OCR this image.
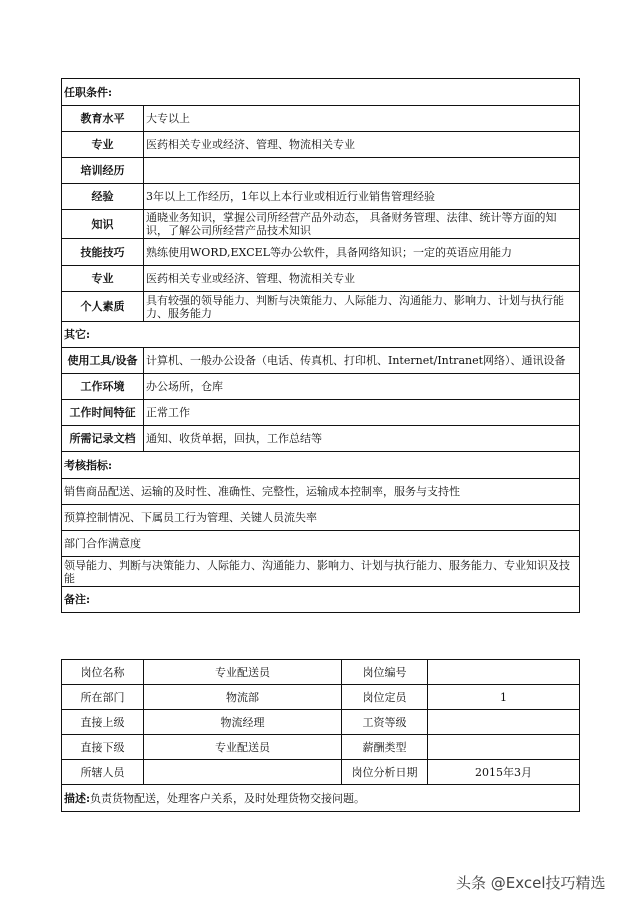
任职条件:	
教育水平	大专以上
专业	医药相关专业或经济、管理、物流相关专业
培训经历	
经验	3年以上工作经历，1年以上本行业或相近行业销售管理经验
知识	通晓业务知识，掌握公司所经营产品外动态， 具备财务管理、法律、统计等方面的知识，了解公司所经营产品技术知识
技能技巧	熟练使用WORD,EXCEL等办公软件，具备网络知识；一定的英语应用能力
专业	医药相关专业或经济、管理、物流相关专业
个人素质	具有较强的领导能力、判断与决策能力、人际能力、沟通能力、影响力、计划与执行能力、服务能力
其它:	
使用工具/设备	计算机、一般办公设备（电话、传真机、打印机、Internet/Intranet网络）、通讯设备
工作环境	办公场所，仓库
工作时间特征	正常工作
所需记录文档	通知、收货单据，回执，工作总结等
考核指标:	
销售商品配送、运输的及时性、准确性、完整性，运输成本控制率，服务与支持性	
预算控制情况、下属员工行为管理、关键人员流失率	
部门合作满意度	
领导能力、判断与决策能力、人际能力、沟通能力、影响力、计划与执行能力、服务能力、专业知识及技能	
备注:	
岗位名称	专业配送员	岗位编号	
所在部门	物流部	岗位定员	1
直接上级	物流经理	工资等级	
直接下级	专业配送员	薪酬类型	
所辖人员		岗位分析日期	2015年3月
描述:负责货物配送，处理客户关系，及时处理货物交接问题。			
头条 @Excel技巧精选
